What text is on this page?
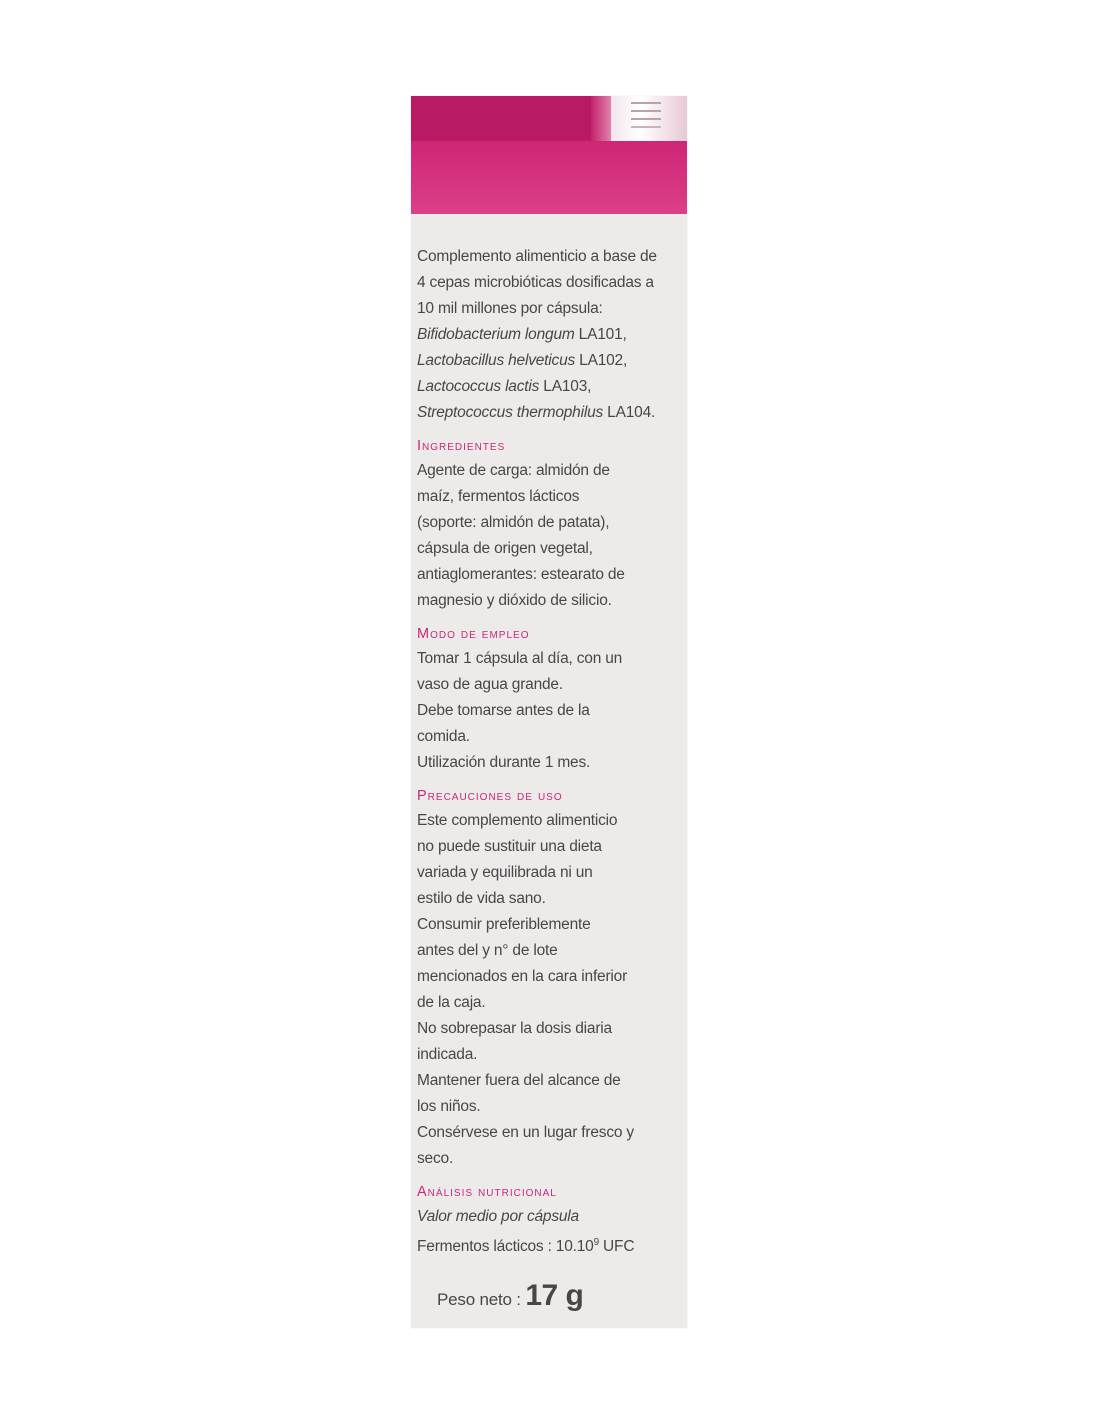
Complemento alimenticio a base de
4 cepas microbióticas dosificadas a
10 mil millones por cápsula:
Bifidobacterium longum LA101,
Lactobacillus helveticus LA102,
Lactococcus lactis LA103,
Streptococcus thermophilus LA104.
Ingredientes
Agente de carga: almidón de
maíz, fermentos lácticos
(soporte: almidón de patata),
cápsula de origen vegetal,
antiaglomerantes: estearato de
magnesio y dióxido de silicio.
Modo de empleo
Tomar 1 cápsula al día, con un
vaso de agua grande.
Debe tomarse antes de la
comida.
Utilización durante 1 mes.
Precauciones de uso
Este complemento alimenticio
no puede sustituir una dieta
variada y equilibrada ni un
estilo de vida sano.
Consumir preferiblemente
antes del y n° de lote
mencionados en la cara inferior
de la caja.
No sobrepasar la dosis diaria
indicada.
Mantener fuera del alcance de
los niños.
Consérvese en un lugar fresco y
seco.
Análisis nutricional
Valor medio por cápsula
Fermentos lácticos : 10.10$^9$ UFC
Peso neto : 17 g
